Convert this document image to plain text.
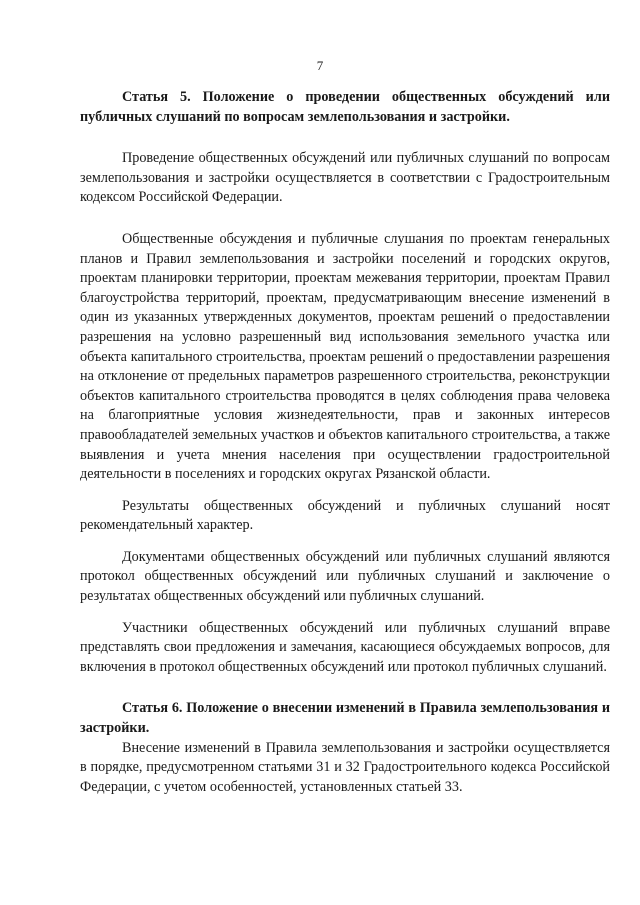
7

Статья 5. Положение о проведении общественных обсуждений или публичных слушаний по вопросам землепользования и застройки.

Проведение общественных обсуждений или публичных слушаний по вопросам землепользования и застройки осуществляется в соответствии с Градостроительным кодексом Российской Федерации.

Общественные обсуждения и публичные слушания по проектам генеральных планов и Правил землепользования и застройки поселений и городских округов, проектам планировки территории, проектам межевания территории, проектам Правил благоустройства территорий, проектам, предусматривающим внесение изменений в один из указанных утвержденных документов, проектам решений о предоставлении разрешения на условно разрешенный вид использования земельного участка или объекта капитального строительства, проектам решений о предоставлении разрешения на отклонение от предельных параметров разрешенного строительства, реконструкции объектов капитального строительства проводятся в целях соблюдения права человека на благоприятные условия жизнедеятельности, прав и законных интересов правообладателей земельных участков и объектов капитального строительства, а также выявления и учета мнения населения при осуществлении градостроительной деятельности в поселениях и городских округах Рязанской области.

Результаты общественных обсуждений и публичных слушаний носят рекомендательный характер.

Документами общественных обсуждений или публичных слушаний являются протокол общественных обсуждений или публичных слушаний и заключение о результатах общественных обсуждений или публичных слушаний.

Участники общественных обсуждений или публичных слушаний вправе представлять свои предложения и замечания, касающиеся обсуждаемых вопросов, для включения в протокол общественных обсуждений или протокол публичных слушаний.

Статья 6. Положение о внесении изменений в Правила землепользования и застройки.

Внесение изменений в Правила землепользования и застройки осуществляется в порядке, предусмотренном статьями 31 и 32 Градостроительного кодекса Российской Федерации, с учетом особенностей, установленных статьей 33.
